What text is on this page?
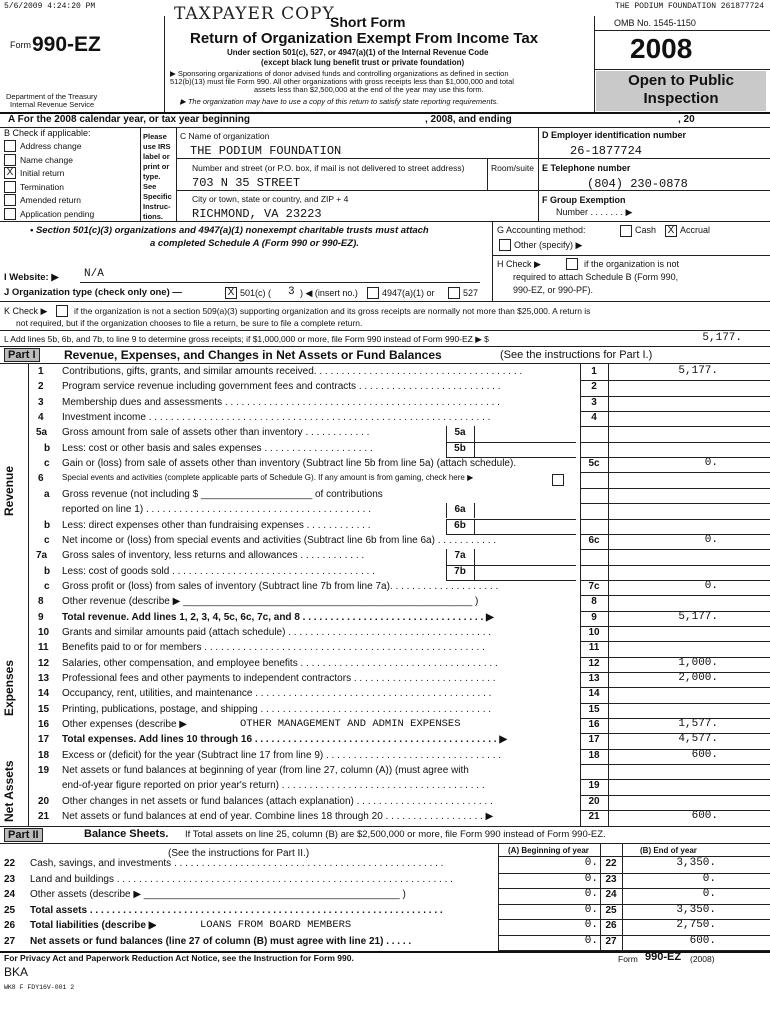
5/6/2009 4:24:20 PM	THE PODIUM FOUNDATION 261877724
TAXPAYER COPY
Form 990-EZ
Short Form
Return of Organization Exempt From Income Tax
Under section 501(c), 527, or 4947(a)(1) of the Internal Revenue Code
(except black lung benefit trust or private foundation)
▶ Sponsoring organizations of donor advised funds and controlling organizations as defined in section
512(b)(13) must file Form 990. All other organizations with gross receipts less than $1,000,000 and total
assets less than $2,500,000 at the end of the year may use this form.
▶ The organization may have to use a copy of this return to satisfy state reporting requirements.
Department of the Treasury
Internal Revenue Service
OMB No. 1545-1150
2008
Open to Public
Inspection
A For the 2008 calendar year, or tax year beginning	, 2008, and ending	, 20
B Check if applicable:
Address change
Name change
X Initial return
Termination
Amended return
Application pending
Please
use IRS
label or
print or
type.
See
Specific
Instruc-
tions.
C Name of organization
THE PODIUM FOUNDATION
Number and street (or P.O. box, if mail is not delivered to street address)	Room/suite
703 N 35 STREET
City or town, state or country, and ZIP + 4
RICHMOND, VA 23223
D Employer identification number
26-1877724
E Telephone number
(804) 230-0878
F Group Exemption
Number . . . . . . . ▶
• Section 501(c)(3) organizations and 4947(a)(1) nonexempt charitable trusts must attach
a completed Schedule A (Form 990 or 990-EZ).
G Accounting method:	Cash X Accrual
Other (specify) ▶
H Check ▶	if the organization is not
required to attach Schedule B (Form 990,
990-EZ, or 990-PF).
I Website: ▶ N/A
J Organization type (check only one) —	X 501(c) ( 3 ) ◀ (insert no.)	4947(a)(1) or	527
K Check ▶	if the organization is not a section 509(a)(3) supporting organization and its gross receipts are normally not more than $25,000. A return is
not required, but if the organization chooses to file a return, be sure to file a complete return.
L Add lines 5b, 6b, and 7b, to line 9 to determine gross receipts; if $1,000,000 or more, file Form 990 instead of Form 990-EZ ▶ $	5,177.
Part I	Revenue, Expenses, and Changes in Net Assets or Fund Balances	(See the instructions for Part I.)
Revenue
Expenses
Net Assets
1 Contributions, gifts, grants, and similar amounts received. . . . . . . . . . . . . . . . . . . . . . . . . . . . . . . . . . . . . .	1	5,177.
2 Program service revenue including government fees and contracts . . . . . . . . . . . . . . . . . . . . . . . . . .	2
3 Membership dues and assessments . . . . . . . . . . . . . . . . . . . . . . . . . . . . . . . . . . . . . . . . . . . . . . . . . .	3
4 Investment income . . . . . . . . . . . . . . . . . . . . . . . . . . . . . . . . . . . . . . . . . . . . . . . . . . . . . . . . . . . . . .	4
5a Gross amount from sale of assets other than inventory . . . . . . . . . . . .	5a
b Less: cost or other basis and sales expenses . . . . . . . . . . . . . . . . . . . .	5b
c Gain or (loss) from sale of assets other than inventory (Subtract line 5b from line 5a) (attach schedule).	5c	0.
6 Special events and activities (complete applicable parts of Schedule G). If any amount is from gaming, check here ▶
a Gross revenue (not including $ ____________________ of contributions
reported on line 1) . . . . . . . . . . . . . . . . . . . . . . . . . . . . . . . . . . . . . . . . .	6a
b Less: direct expenses other than fundraising expenses . . . . . . . . . . . .	6b
c Net income or (loss) from special events and activities (Subtract line 6b from line 6a) . . . . . . . . . . .	6c	0.
7a Gross sales of inventory, less returns and allowances . . . . . . . . . . . .	7a
b Less: cost of goods sold . . . . . . . . . . . . . . . . . . . . . . . . . . . . . . . . . . . . .	7b
c Gross profit or (loss) from sales of inventory (Subtract line 7b from line 7a). . . . . . . . . . . . . . . . . . . .	7c	0.
8 Other revenue (describe ▶ ____________________________________________________ )	8
9 Total revenue. Add lines 1, 2, 3, 4, 5c, 6c, 7c, and 8 . . . . . . . . . . . . . . . . . . . . . . . . . . . . . . . . . ▶	9	5,177.
10 Grants and similar amounts paid (attach schedule) . . . . . . . . . . . . . . . . . . . . . . . . . . . . . . . . . . . . .	10
11 Benefits paid to or for members . . . . . . . . . . . . . . . . . . . . . . . . . . . . . . . . . . . . . . . . . . . . . . . . . . .	11
12 Salaries, other compensation, and employee benefits . . . . . . . . . . . . . . . . . . . . . . . . . . . . . . . . . . . .	12	1,000.
13 Professional fees and other payments to independent contractors . . . . . . . . . . . . . . . . . . . . . . . . . .	13	2,000.
14 Occupancy, rent, utilities, and maintenance . . . . . . . . . . . . . . . . . . . . . . . . . . . . . . . . . . . . . . . . . . .	14
15 Printing, publications, postage, and shipping . . . . . . . . . . . . . . . . . . . . . . . . . . . . . . . . . . . . . . . . . .	15
16 Other expenses (describe ▶	OTHER MANAGEMENT AND ADMIN EXPENSES	16	1,577.
17 Total expenses. Add lines 10 through 16 . . . . . . . . . . . . . . . . . . . . . . . . . . . . . . . . . . . . . . . . . . . . ▶	17	4,577.
18 Excess or (deficit) for the year (Subtract line 17 from line 9) . . . . . . . . . . . . . . . . . . . . . . . . . . . . . . . .	18	600.
19 Net assets or fund balances at beginning of year (from line 27, column (A)) (must agree with
end-of-year figure reported on prior year's return) . . . . . . . . . . . . . . . . . . . . . . . . . . . . . . . . . . . . .	19
20 Other changes in net assets or fund balances (attach explanation) . . . . . . . . . . . . . . . . . . . . . . . . .	20
21 Net assets or fund balances at end of year. Combine lines 18 through 20 . . . . . . . . . . . . . . . . . . ▶	21	600.
Part II	Balance Sheets. If Total assets on line 25, column (B) are $2,500,000 or more, file Form 990 instead of Form 990-EZ.
(See the instructions for Part II.)	(A) Beginning of year	(B) End of year
22 Cash, savings, and investments . . . . . . . . . . . . . . . . . . . . . . . . . . . . . . . . . . . . . . . . . . . . . . . . .	0. 22	3,350.
23 Land and buildings . . . . . . . . . . . . . . . . . . . . . . . . . . . . . . . . . . . . . . . . . . . . . . . . . . . . . . . . . . . . .	0. 23	0.
24 Other assets (describe ▶ ______________________________________________ )	0. 24	0.
25 Total assets . . . . . . . . . . . . . . . . . . . . . . . . . . . . . . . . . . . . . . . . . . . . . . . . . . . . . . . . . . . . . . . .	0. 25	3,350.
26 Total liabilities (describe ▶	LOANS FROM BOARD MEMBERS	0. 26	2,750.
27 Net assets or fund balances (line 27 of column (B) must agree with line 21) . . . . .	0. 27	600.
For Privacy Act and Paperwork Reduction Act Notice, see the Instruction for Form 990.	Form 990-EZ (2008)
BKA
WK8 F FDY16V-001 2
